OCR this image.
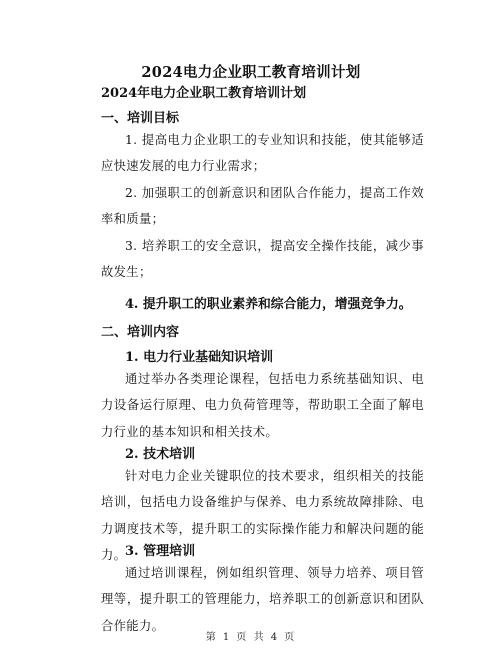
2024电力企业职工教育培训计划
2024年电力企业职工教育培训计划
一、培训目标

1. 提高电力企业职工的专业知识和技能，使其能够适应快速发展的电力行业需求；

2. 加强职工的创新意识和团队合作能力，提高工作效率和质量；

3. 培养职工的安全意识，提高安全操作技能，减少事故发生；

4. 提升职工的职业素养和综合能力，增强竞争力。
二、培训内容
1. 电力行业基础知识培训

通过举办各类理论课程，包括电力系统基础知识、电力设备运行原理、电力负荷管理等，帮助职工全面了解电力行业的基本知识和相关技术。

2. 技术培训

针对电力企业关键职位的技术要求，组织相关的技能培训，包括电力设备维护与保养、电力系统故障排除、电力调度技术等，提升职工的实际操作能力和解决问题的能力。

3. 管理培训

通过培训课程，例如组织管理、领导力培养、项目管理等，提升职工的管理能力，培养职工的创新意识和团队合作能力。

第 1 页 共 4 页
